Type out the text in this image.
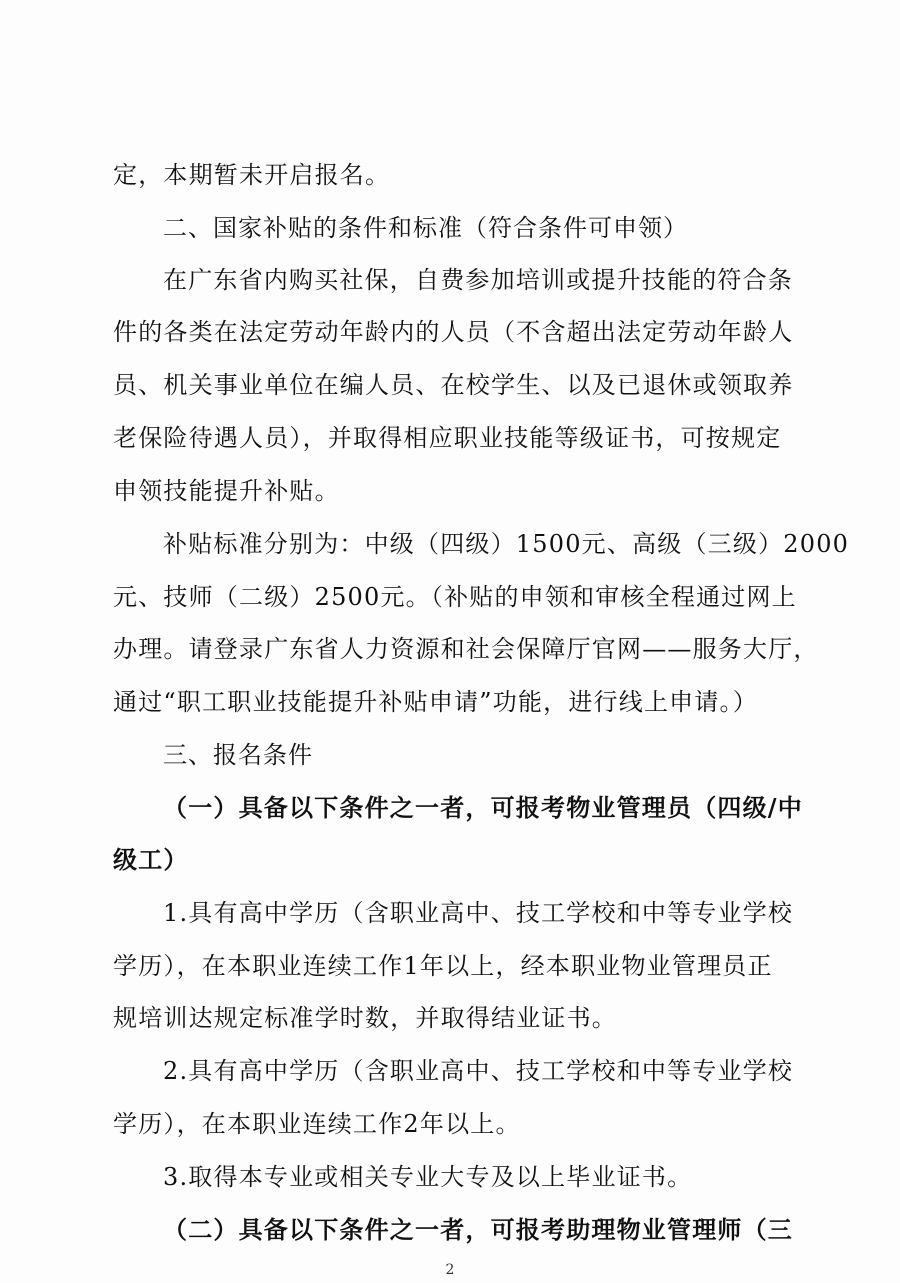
定，本期暂未开启报名。
二、国家补贴的条件和标准（符合条件可申领）
在广东省内购买社保，自费参加培训或提升技能的符合条
件的各类在法定劳动年龄内的人员（不含超出法定劳动年龄人
员、机关事业单位在编人员、在校学生、以及已退休或领取养
老保险待遇人员），并取得相应职业技能等级证书，可按规定
申领技能提升补贴。
补贴标准分别为：中级（四级）1500元、高级（三级）2000
元、技师（二级）2500元。（补贴的申领和审核全程通过网上
办理。请登录广东省人力资源和社会保障厅官网——服务大厅，
通过“职工职业技能提升补贴申请”功能，进行线上申请。）
三、报名条件
（一）具备以下条件之一者，可报考物业管理员（四级/中
级工）
1.具有高中学历（含职业高中、技工学校和中等专业学校
学历），在本职业连续工作1年以上，经本职业物业管理员正
规培训达规定标准学时数，并取得结业证书。
2.具有高中学历（含职业高中、技工学校和中等专业学校
学历），在本职业连续工作2年以上。
3.取得本专业或相关专业大专及以上毕业证书。
（二）具备以下条件之一者，可报考助理物业管理师（三
2
